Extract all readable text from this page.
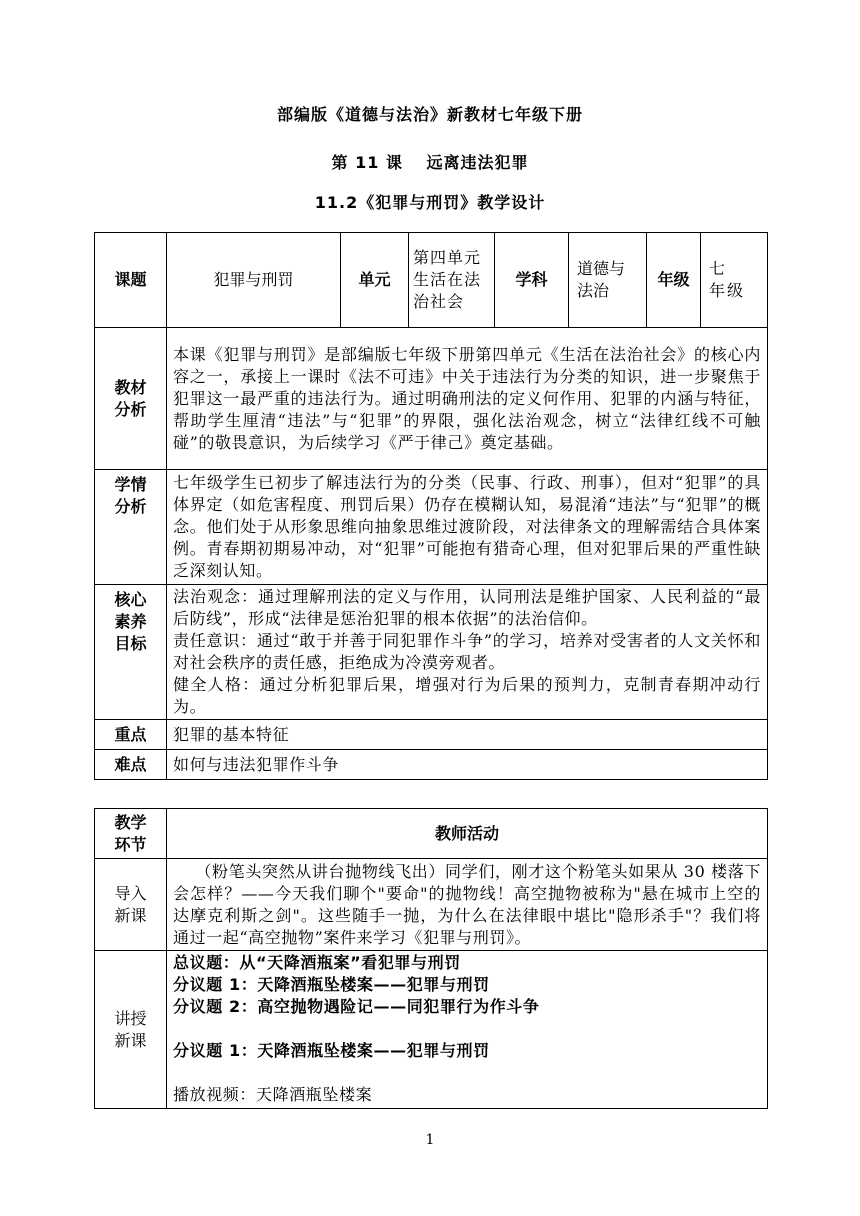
部编版《道德与法治》新教材七年级下册
第 11 课　 远离违法犯罪
11.2《犯罪与刑罚》教学设计
课题	犯罪与刑罚	单元	第四单元　生活在法治社会	学科	道德与法治	年级	七　年级
教材分析	本课《犯罪与刑罚》是部编版七年级下册第四单元《生活在法治社会》的核心内容之一，承接上一课时《法不可违》中关于违法行为分类的知识，进一步聚焦于犯罪这一最严重的违法行为。通过明确刑法的定义何作用、犯罪的内涵与特征，帮助学生厘清“违法”与“犯罪”的界限，强化法治观念，树立“法律红线不可触碰”的敬畏意识，为后续学习《严于律己》奠定基础。						
学情分析	七年级学生已初步了解违法行为的分类（民事、行政、刑事），但对“犯罪”的具体界定（如危害程度、刑罚后果）仍存在模糊认知，易混淆“违法”与“犯罪”的概念。他们处于从形象思维向抽象思维过渡阶段，对法律条文的理解需结合具体案例。青春期初期易冲动，对“犯罪”可能抱有猎奇心理，但对犯罪后果的严重性缺乏深刻认知。						
核心素养目标	法治观念：通过理解刑法的定义与作用，认同刑法是维护国家、人民利益的“最后防线”，形成“法律是惩治犯罪的根本依据”的法治信仰。
责任意识：通过“敢于并善于同犯罪作斗争”的学习，培养对受害者的人文关怀和对社会秩序的责任感，拒绝成为冷漠旁观者。
健全人格：通过分析犯罪后果，增强对行为后果的预判力，克制青春期冲动行为。						

重点	犯罪的基本特征						
难点	如何与违法犯罪作斗争						
教学环节	教师活动
导入新课	（粉笔头突然从讲台抛物线飞出）同学们，刚才这个粉笔头如果从 30 楼落下会怎样？——今天我们聊个"要命"的抛物线！高空抛物被称为"悬在城市上空的达摩克利斯之剑"。这些随手一抛，为什么在法律眼中堪比"隐形杀手"？我们将通过一起“高空抛物”案件来学习《犯罪与刑罚》。
讲授新课	总议题：从“天降酒瓶案”看犯罪与刑罚
分议题 1：天降酒瓶坠楼案——犯罪与刑罚
分议题 2：高空抛物遇险记——同犯罪行为作斗争
分议题 1：天降酒瓶坠楼案——犯罪与刑罚
播放视频：天降酒瓶坠楼案
1
